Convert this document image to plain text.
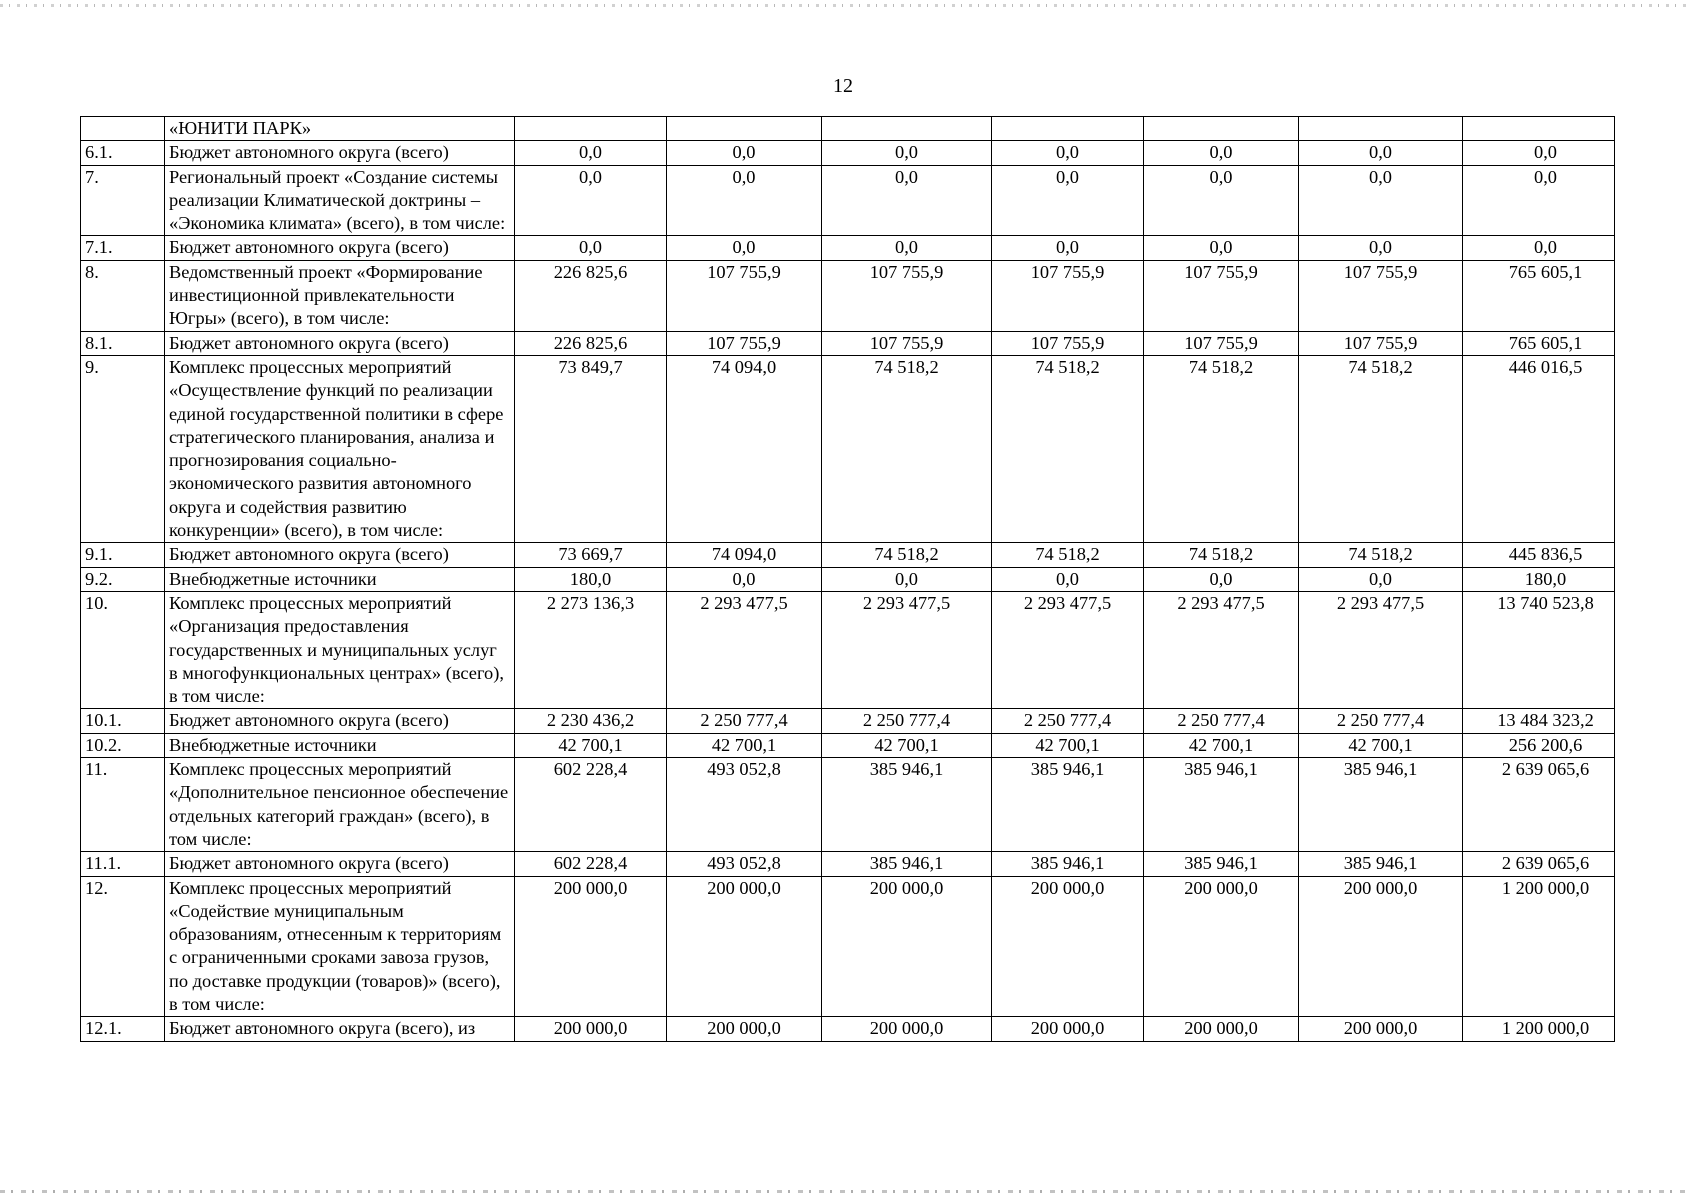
12
	«ЮНИТИ ПАРК»							
6.1.	Бюджет автономного округа (всего)	0,0	0,0	0,0	0,0	0,0	0,0	0,0
7.	Региональный проект «Создание системы реализации Климатической доктрины – «Экономика климата» (всего), в том числе:	0,0	0,0	0,0	0,0	0,0	0,0	0,0
7.1.	Бюджет автономного округа (всего)	0,0	0,0	0,0	0,0	0,0	0,0	0,0
8.	Ведомственный проект «Формирование инвестиционной привлекательности Югры» (всего), в том числе:	226 825,6	107 755,9	107 755,9	107 755,9	107 755,9	107 755,9	765 605,1
8.1.	Бюджет автономного округа (всего)	226 825,6	107 755,9	107 755,9	107 755,9	107 755,9	107 755,9	765 605,1
9.	Комплекс процессных мероприятий «Осуществление функций по реализации единой государственной политики в сфере стратегического планирования, анализа и прогнозирования социально-экономического развития автономного округа и содействия развитию конкуренции» (всего), в том числе:	73 849,7	74 094,0	74 518,2	74 518,2	74 518,2	74 518,2	446 016,5
9.1.	Бюджет автономного округа (всего)	73 669,7	74 094,0	74 518,2	74 518,2	74 518,2	74 518,2	445 836,5
9.2.	Внебюджетные источники	180,0	0,0	0,0	0,0	0,0	0,0	180,0
10.	Комплекс процессных мероприятий «Организация предоставления государственных и муниципальных услуг в многофункциональных центрах» (всего), в том числе:	2 273 136,3	2 293 477,5	2 293 477,5	2 293 477,5	2 293 477,5	2 293 477,5	13 740 523,8
10.1.	Бюджет автономного округа (всего)	2 230 436,2	2 250 777,4	2 250 777,4	2 250 777,4	2 250 777,4	2 250 777,4	13 484 323,2
10.2.	Внебюджетные источники	42 700,1	42 700,1	42 700,1	42 700,1	42 700,1	42 700,1	256 200,6
11.	Комплекс процессных мероприятий «Дополнительное пенсионное обеспечение отдельных категорий граждан» (всего), в том числе:	602 228,4	493 052,8	385 946,1	385 946,1	385 946,1	385 946,1	2 639 065,6
11.1.	Бюджет автономного округа (всего)	602 228,4	493 052,8	385 946,1	385 946,1	385 946,1	385 946,1	2 639 065,6
12.	Комплекс процессных мероприятий «Содействие муниципальным образованиям, отнесенным к территориям с ограниченными сроками завоза грузов, по доставке продукции (товаров)» (всего), в том числе:	200 000,0	200 000,0	200 000,0	200 000,0	200 000,0	200 000,0	1 200 000,0
12.1.	Бюджет автономного округа (всего), из	200 000,0	200 000,0	200 000,0	200 000,0	200 000,0	200 000,0	1 200 000,0
